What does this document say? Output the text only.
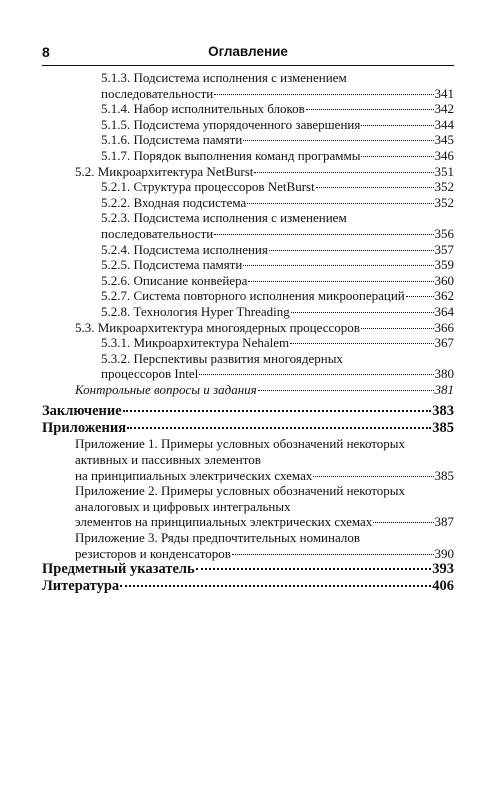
8	Оглавление
5.1.3. Подсистема исполнения с изменением
последовательности	341
5.1.4. Набор исполнительных блоков	342
5.1.5. Подсистема упорядоченного завершения	344
5.1.6. Подсистема памяти	345
5.1.7. Порядок выполнения команд программы	346
5.2. Микроархитектура NetBurst	351
5.2.1. Структура процессоров NetBurst	352
5.2.2. Входная подсистема	352
5.2.3. Подсистема исполнения с изменением
последовательности	356
5.2.4. Подсистема исполнения	357
5.2.5. Подсистема памяти	359
5.2.6. Описание конвейера	360
5.2.7. Система повторного исполнения микроопераций 362
5.2.8. Технология Hyper Threading	364
5.3. Микроархитектура многоядерных процессоров	366
5.3.1. Микроархитектура Nehalem	367
5.3.2. Перспективы развития многоядерных
процессоров Intel	380
Контрольные вопросы и задания	381
Заключение	383
Приложения	385
Приложение 1. Примеры условных обозначений некоторых активных и пассивных элементов
на принципиальных электрических схемах	385
Приложение 2. Примеры условных обозначений некоторых аналоговых и цифровых интегральных
элементов на принципиальных электрических схемах	387
Приложение 3. Ряды предпочтительных номиналов
резисторов и конденсаторов	390
Предметный указатель	393
Литература	406
